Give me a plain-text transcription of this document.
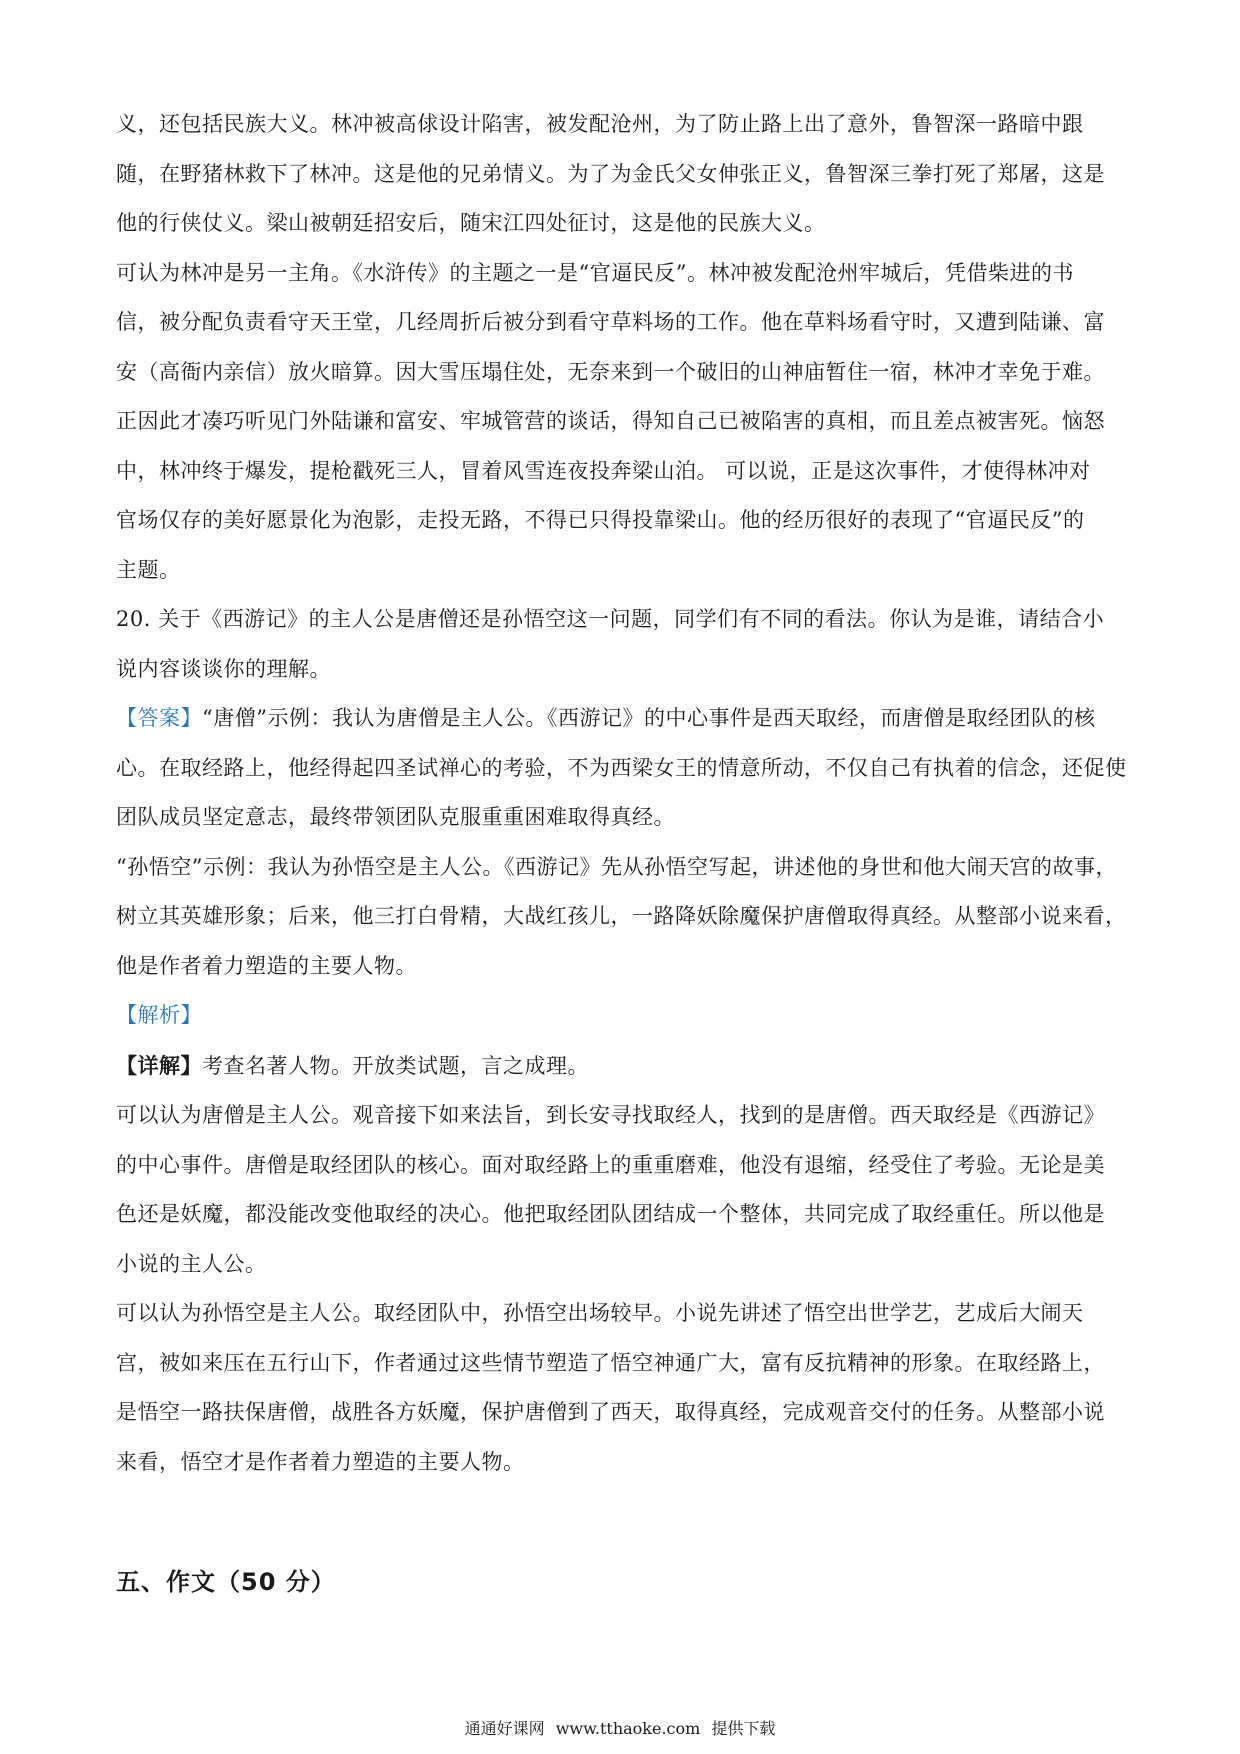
义，还包括民族大义。林冲被高俅设计陷害，被发配沧州，为了防止路上出了意外，鲁智深一路暗中跟
随，在野猪林救下了林冲。这是他的兄弟情义。为了为金氏父女伸张正义，鲁智深三拳打死了郑屠，这是
他的行侠仗义。梁山被朝廷招安后，随宋江四处征讨，这是他的民族大义。

可认为林冲是另一主角。《水浒传》的主题之一是“官逼民反”。林冲被发配沧州牢城后，凭借柴进的书
信，被分配负责看守天王堂，几经周折后被分到看守草料场的工作。他在草料场看守时，又遭到陆谦、富
安（高衙内亲信）放火暗算。因大雪压塌住处，无奈来到一个破旧的山神庙暂住一宿，林冲才幸免于难。
正因此才凑巧听见门外陆谦和富安、牢城管营的谈话，得知自己已被陷害的真相，而且差点被害死。恼怒
中，林冲终于爆发，提枪戳死三人，冒着风雪连夜投奔梁山泊。 可以说，正是这次事件，才使得林冲对
官场仅存的美好愿景化为泡影，走投无路，不得已只得投靠梁山。他的经历很好的表现了“官逼民反”的
主题。

20. 关于《西游记》的主人公是唐僧还是孙悟空这一问题，同学们有不同的看法。你认为是谁，请结合小
说内容谈谈你的理解。

【答案】“唐僧”示例：我认为唐僧是主人公。《西游记》的中心事件是西天取经，而唐僧是取经团队的核
心。在取经路上，他经得起四圣试禅心的考验，不为西梁女王的情意所动，不仅自己有执着的信念，还促使
团队成员坚定意志，最终带领团队克服重重困难取得真经。

“孙悟空”示例：我认为孙悟空是主人公。《西游记》先从孙悟空写起，讲述他的身世和他大闹天宫的故事，
树立其英雄形象；后来，他三打白骨精，大战红孩儿，一路降妖除魔保护唐僧取得真经。从整部小说来看，
他是作者着力塑造的主要人物。

【解析】

【详解】考查名著人物。开放类试题，言之成理。

可以认为唐僧是主人公。观音接下如来法旨，到长安寻找取经人，找到的是唐僧。西天取经是《西游记》
的中心事件。唐僧是取经团队的核心。面对取经路上的重重磨难，他没有退缩，经受住了考验。无论是美
色还是妖魔，都没能改变他取经的决心。他把取经团队团结成一个整体，共同完成了取经重任。所以他是
小说的主人公。

可以认为孙悟空是主人公。取经团队中，孙悟空出场较早。小说先讲述了悟空出世学艺，艺成后大闹天
宫，被如来压在五行山下，作者通过这些情节塑造了悟空神通广大，富有反抗精神的形象。在取经路上，
是悟空一路扶保唐僧，战胜各方妖魔，保护唐僧到了西天，取得真经，完成观音交付的任务。从整部小说
来看，悟空才是作者着力塑造的主要人物。

五、作文（50 分）
通通好课网 www.tthaoke.com 提供下载
